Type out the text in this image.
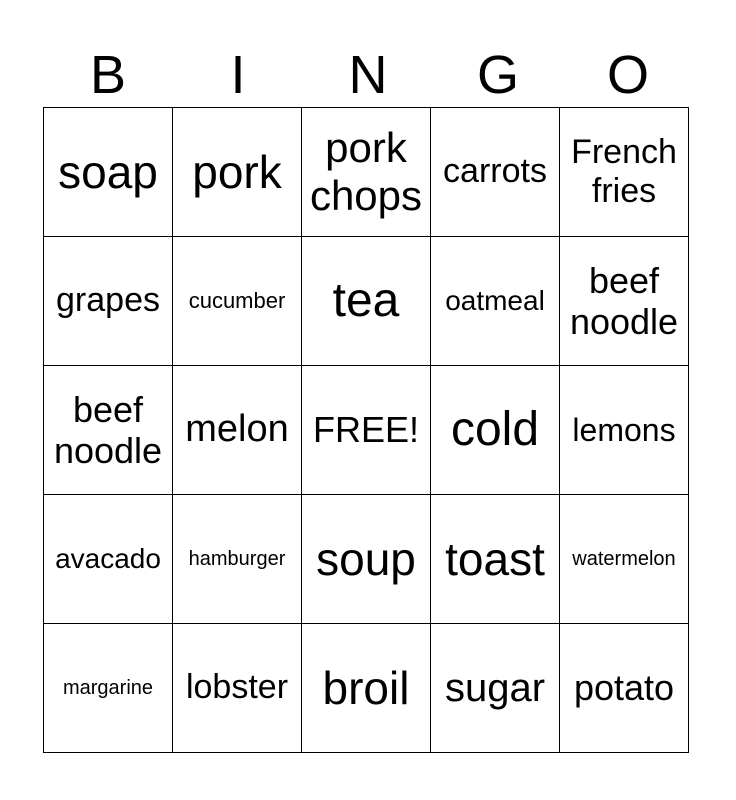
B	I	N	G	O
soap	pork	pork chops	carrots	French fries
grapes	cucumber	tea	oatmeal	beef noodle
beef noodle	melon	FREE!	cold	lemons
avacado	hamburger	soup	toast	watermelon
margarine	lobster	broil	sugar	potato
